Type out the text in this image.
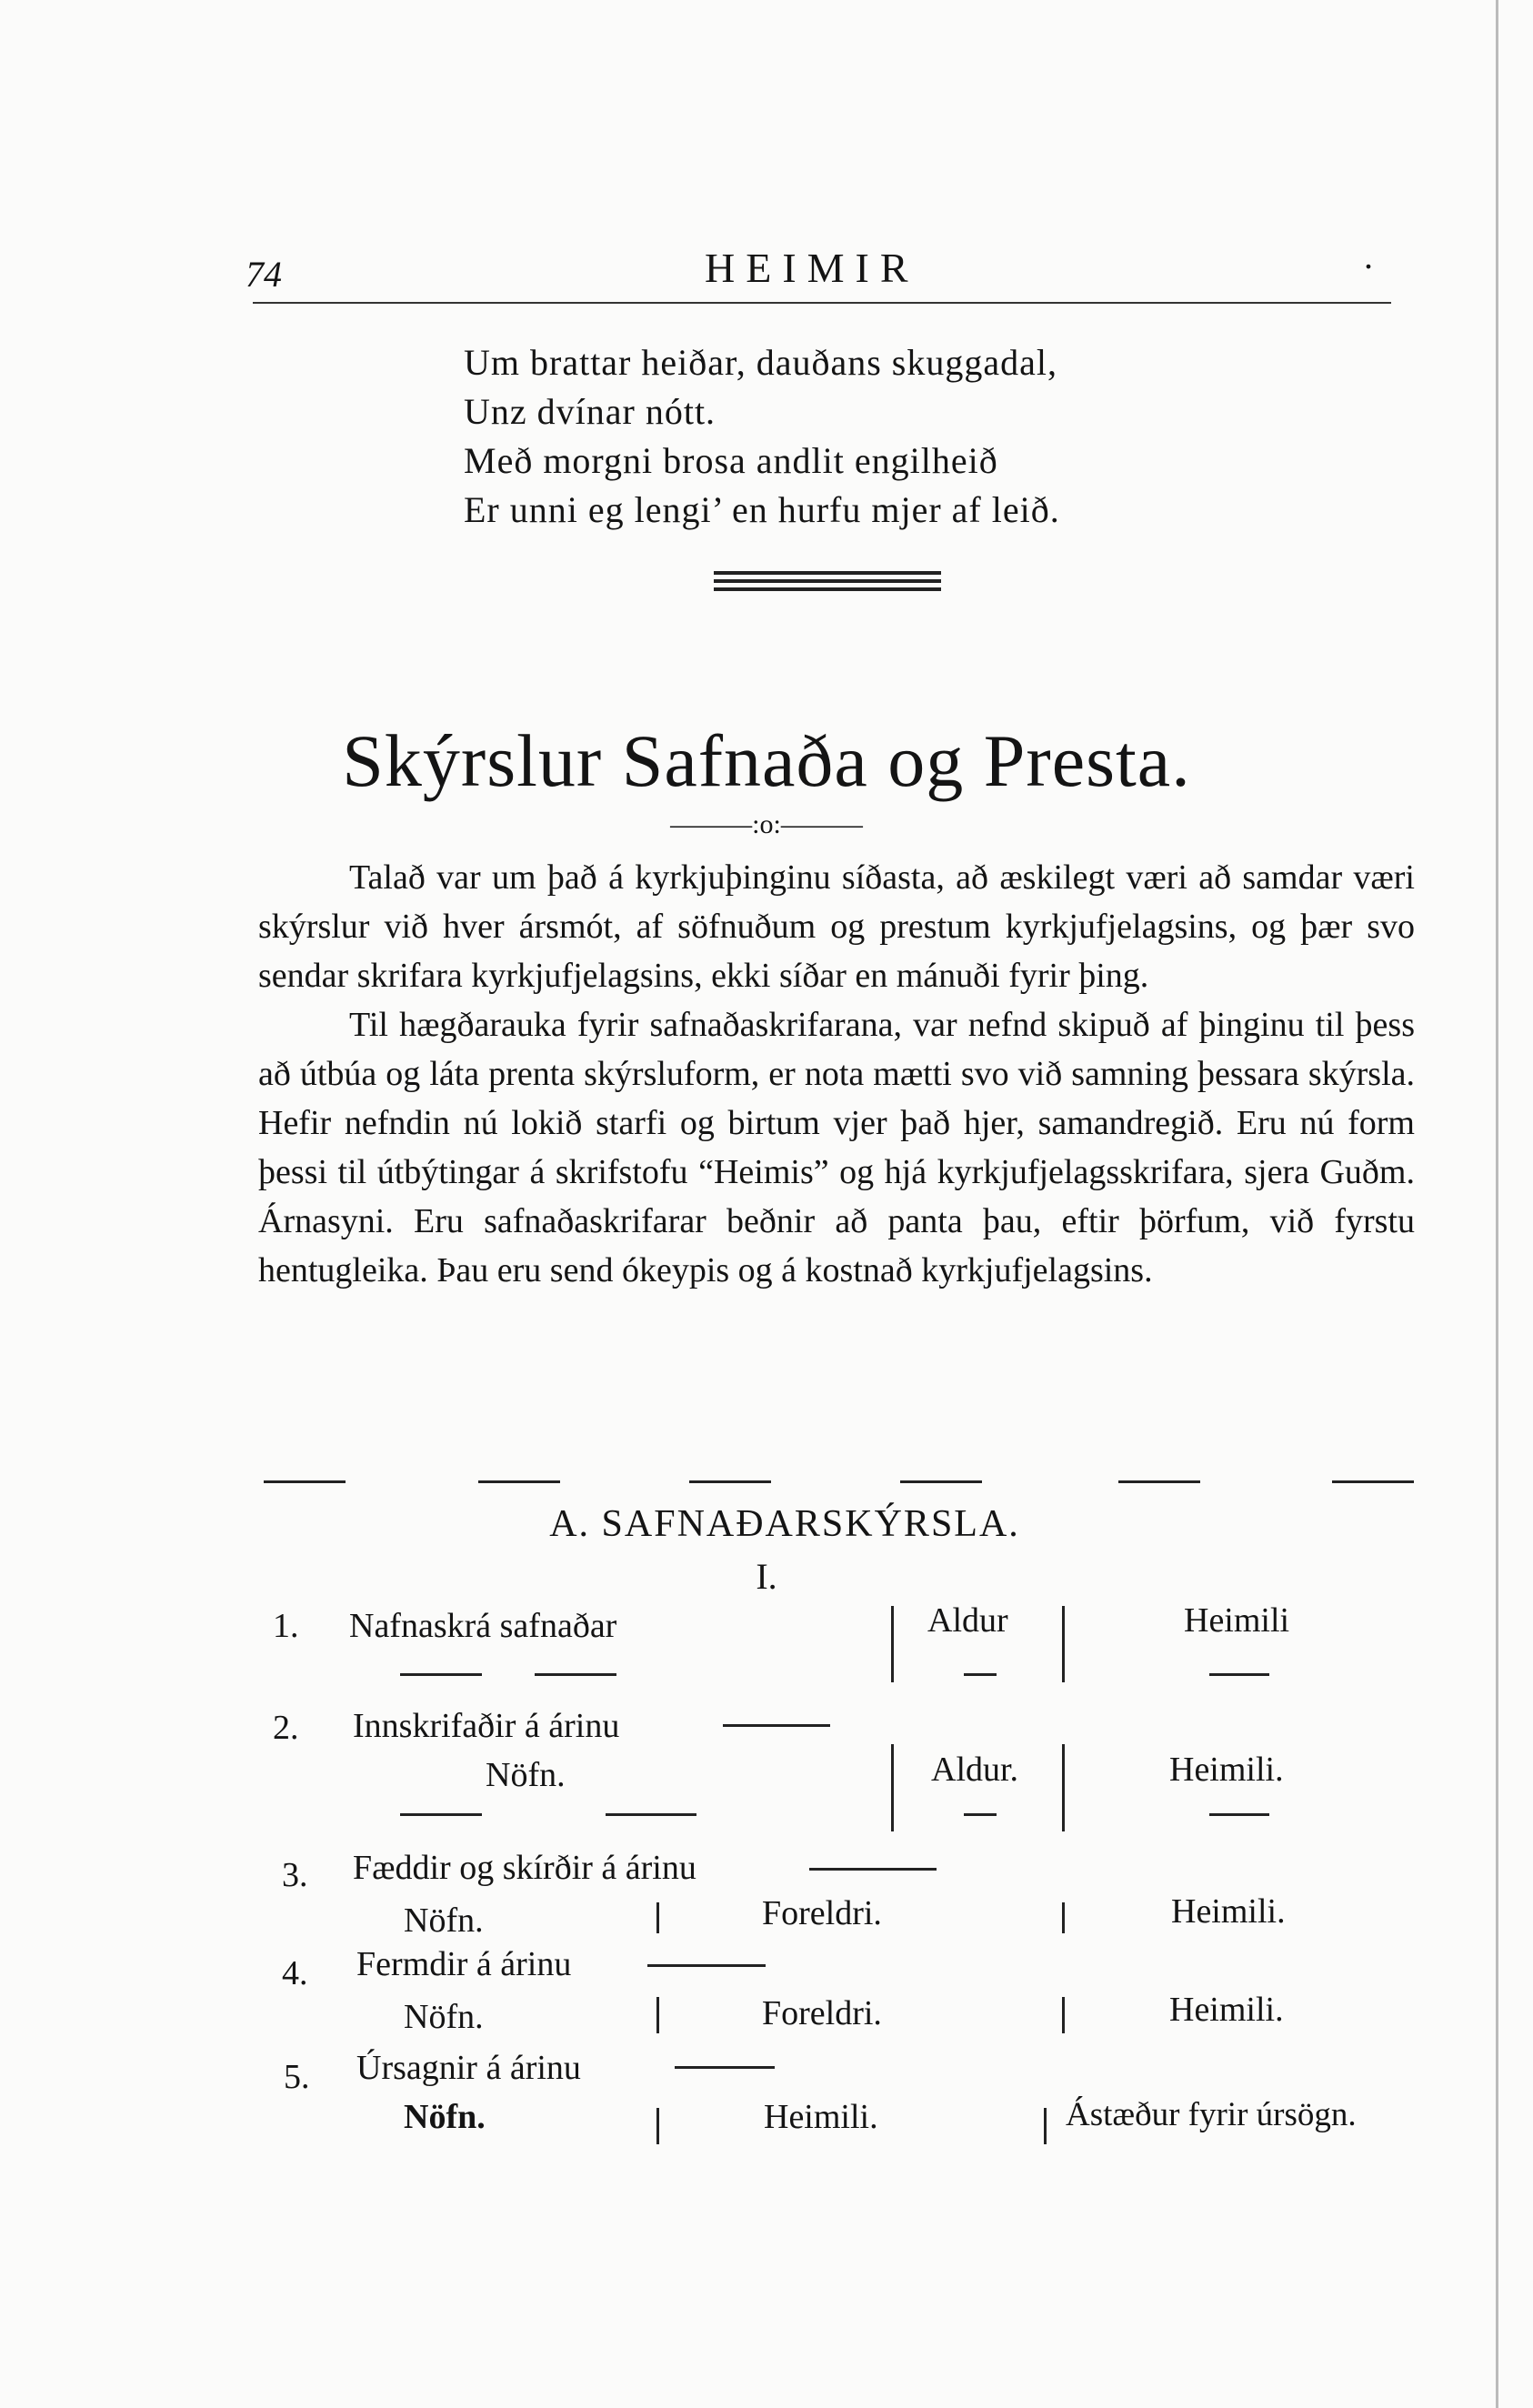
74	HEIMIR	.
Um brattar heiðar, dauðans skuggadal,
Unz dvínar nótt.
Með morgni brosa andlit engilheið
Er unni eg lengi’ en hurfu mjer af leið.
Skýrslur Safnaða og Presta.
———:o:———

Talað var um það á kyrkjuþinginu síðasta, að æskilegt væri að samdar væri skýrslur við hver ársmót, af söfnuðum og prestum kyrkjufjelagsins, og þær svo sendar skrifara kyrkjufjelagsins, ekki síðar en mánuði fyrir þing.

Til hægðarauka fyrir safnaðaskrifarana, var nefnd skipuð af þinginu til þess að útbúa og láta prenta skýrsluform, er nota mætti svo við samning þessara skýrsla. Hefir nefndin nú lokið starfi og birtum vjer það hjer, samandregið. Eru nú form þessi til útbýtingar á skrifstofu “Heimis” og hjá kyrkjufjelagsskrifara, sjera Guðm. Árnasyni. Eru safnaðaskrifarar beðnir að panta þau, eftir þörfum, við fyrstu hentugleika. Þau eru send ókeypis og á kostnað kyrkjufjelagsins.

A. SAFNAÐARSKÝRSLA.
I.
1. Nafnaskrá safnaðar	Aldur	Heimili
2. Innskrifaðir á árinu
Nöfn.	Aldur.	Heimili.
3. Fæddir og skírðir á árinu
Nöfn.	Foreldri.	Heimili.
4. Fermdir á árinu
Nöfn.	Foreldri.	Heimili.
5. Úrsagnir á árinu
Nöfn.	Heimili.	Ástæður fyrir úrsögn.
